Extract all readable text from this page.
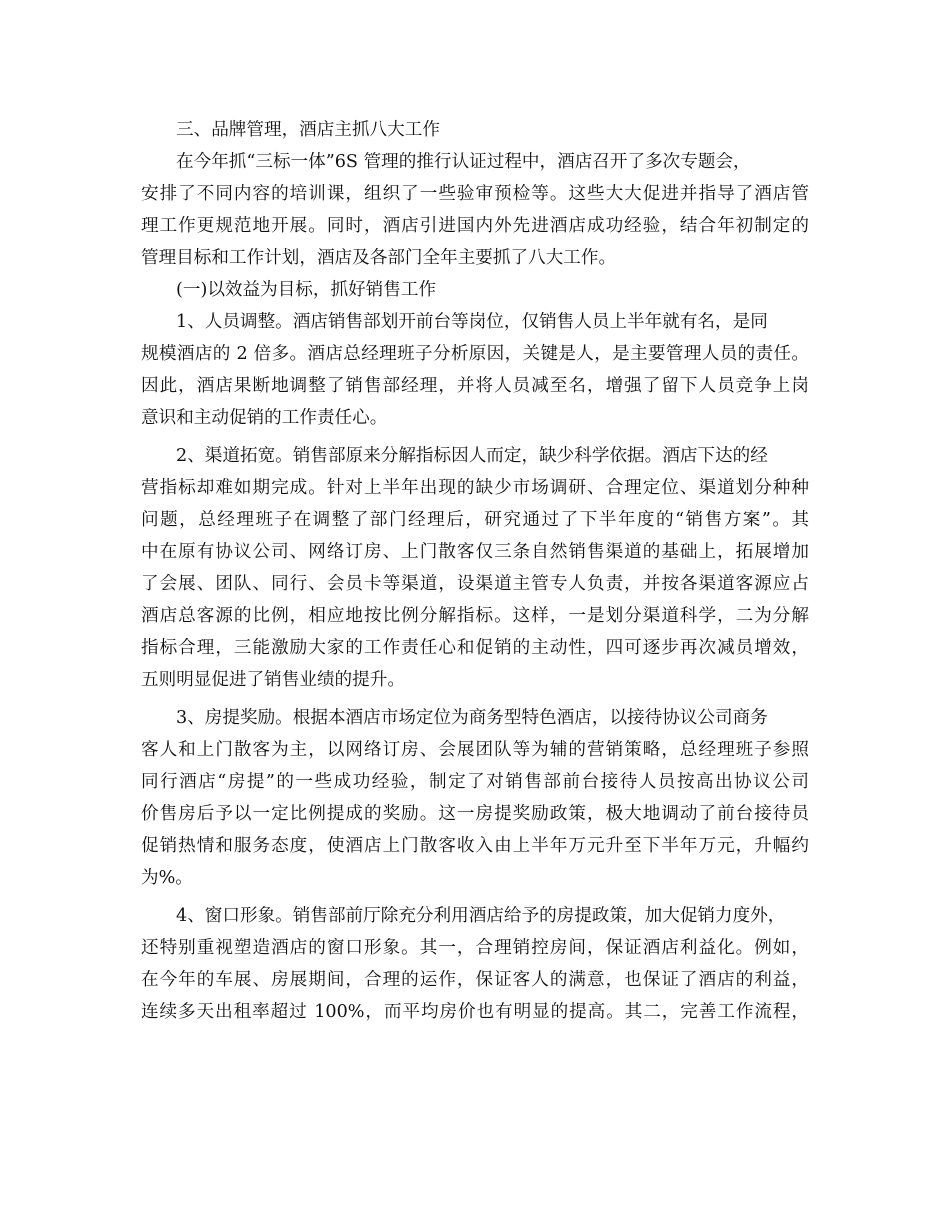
三、品牌管理，酒店主抓八大工作
在今年抓“三标一体”6S 管理的推行认证过程中，酒店召开了多次专题会，
安排了不同内容的培训课，组织了一些验审预检等。这些大大促进并指导了酒店管
理工作更规范地开展。同时，酒店引进国内外先进酒店成功经验，结合年初制定的
管理目标和工作计划，酒店及各部门全年主要抓了八大工作。
(一)以效益为目标，抓好销售工作
1、人员调整。酒店销售部划开前台等岗位，仅销售人员上半年就有名，是同
规模酒店的 2 倍多。酒店总经理班子分析原因，关键是人，是主要管理人员的责任。
因此，酒店果断地调整了销售部经理，并将人员减至名，增强了留下人员竞争上岗
意识和主动促销的工作责任心。
2、渠道拓宽。销售部原来分解指标因人而定，缺少科学依据。酒店下达的经
营指标却难如期完成。针对上半年出现的缺少市场调研、合理定位、渠道划分种种
问题，总经理班子在调整了部门经理后，研究通过了下半年度的“销售方案”。其
中在原有协议公司、网络订房、上门散客仅三条自然销售渠道的基础上，拓展增加
了会展、团队、同行、会员卡等渠道，设渠道主管专人负责，并按各渠道客源应占
酒店总客源的比例，相应地按比例分解指标。这样，一是划分渠道科学，二为分解
指标合理，三能激励大家的工作责任心和促销的主动性，四可逐步再次减员增效，
五则明显促进了销售业绩的提升。
3、房提奖励。根据本酒店市场定位为商务型特色酒店，以接待协议公司商务
客人和上门散客为主，以网络订房、会展团队等为辅的营销策略，总经理班子参照
同行酒店“房提”的一些成功经验，制定了对销售部前台接待人员按高出协议公司
价售房后予以一定比例提成的奖励。这一房提奖励政策，极大地调动了前台接待员
促销热情和服务态度，使酒店上门散客收入由上半年万元升至下半年万元，升幅约
为%。
4、窗口形象。销售部前厅除充分利用酒店给予的房提政策，加大促销力度外，
还特别重视塑造酒店的窗口形象。其一，合理销控房间，保证酒店利益化。例如，
在今年的车展、房展期间，合理的运作，保证客人的满意，也保证了酒店的利益，
连续多天出租率超过 100%，而平均房价也有明显的提高。其二，完善工作流程，
